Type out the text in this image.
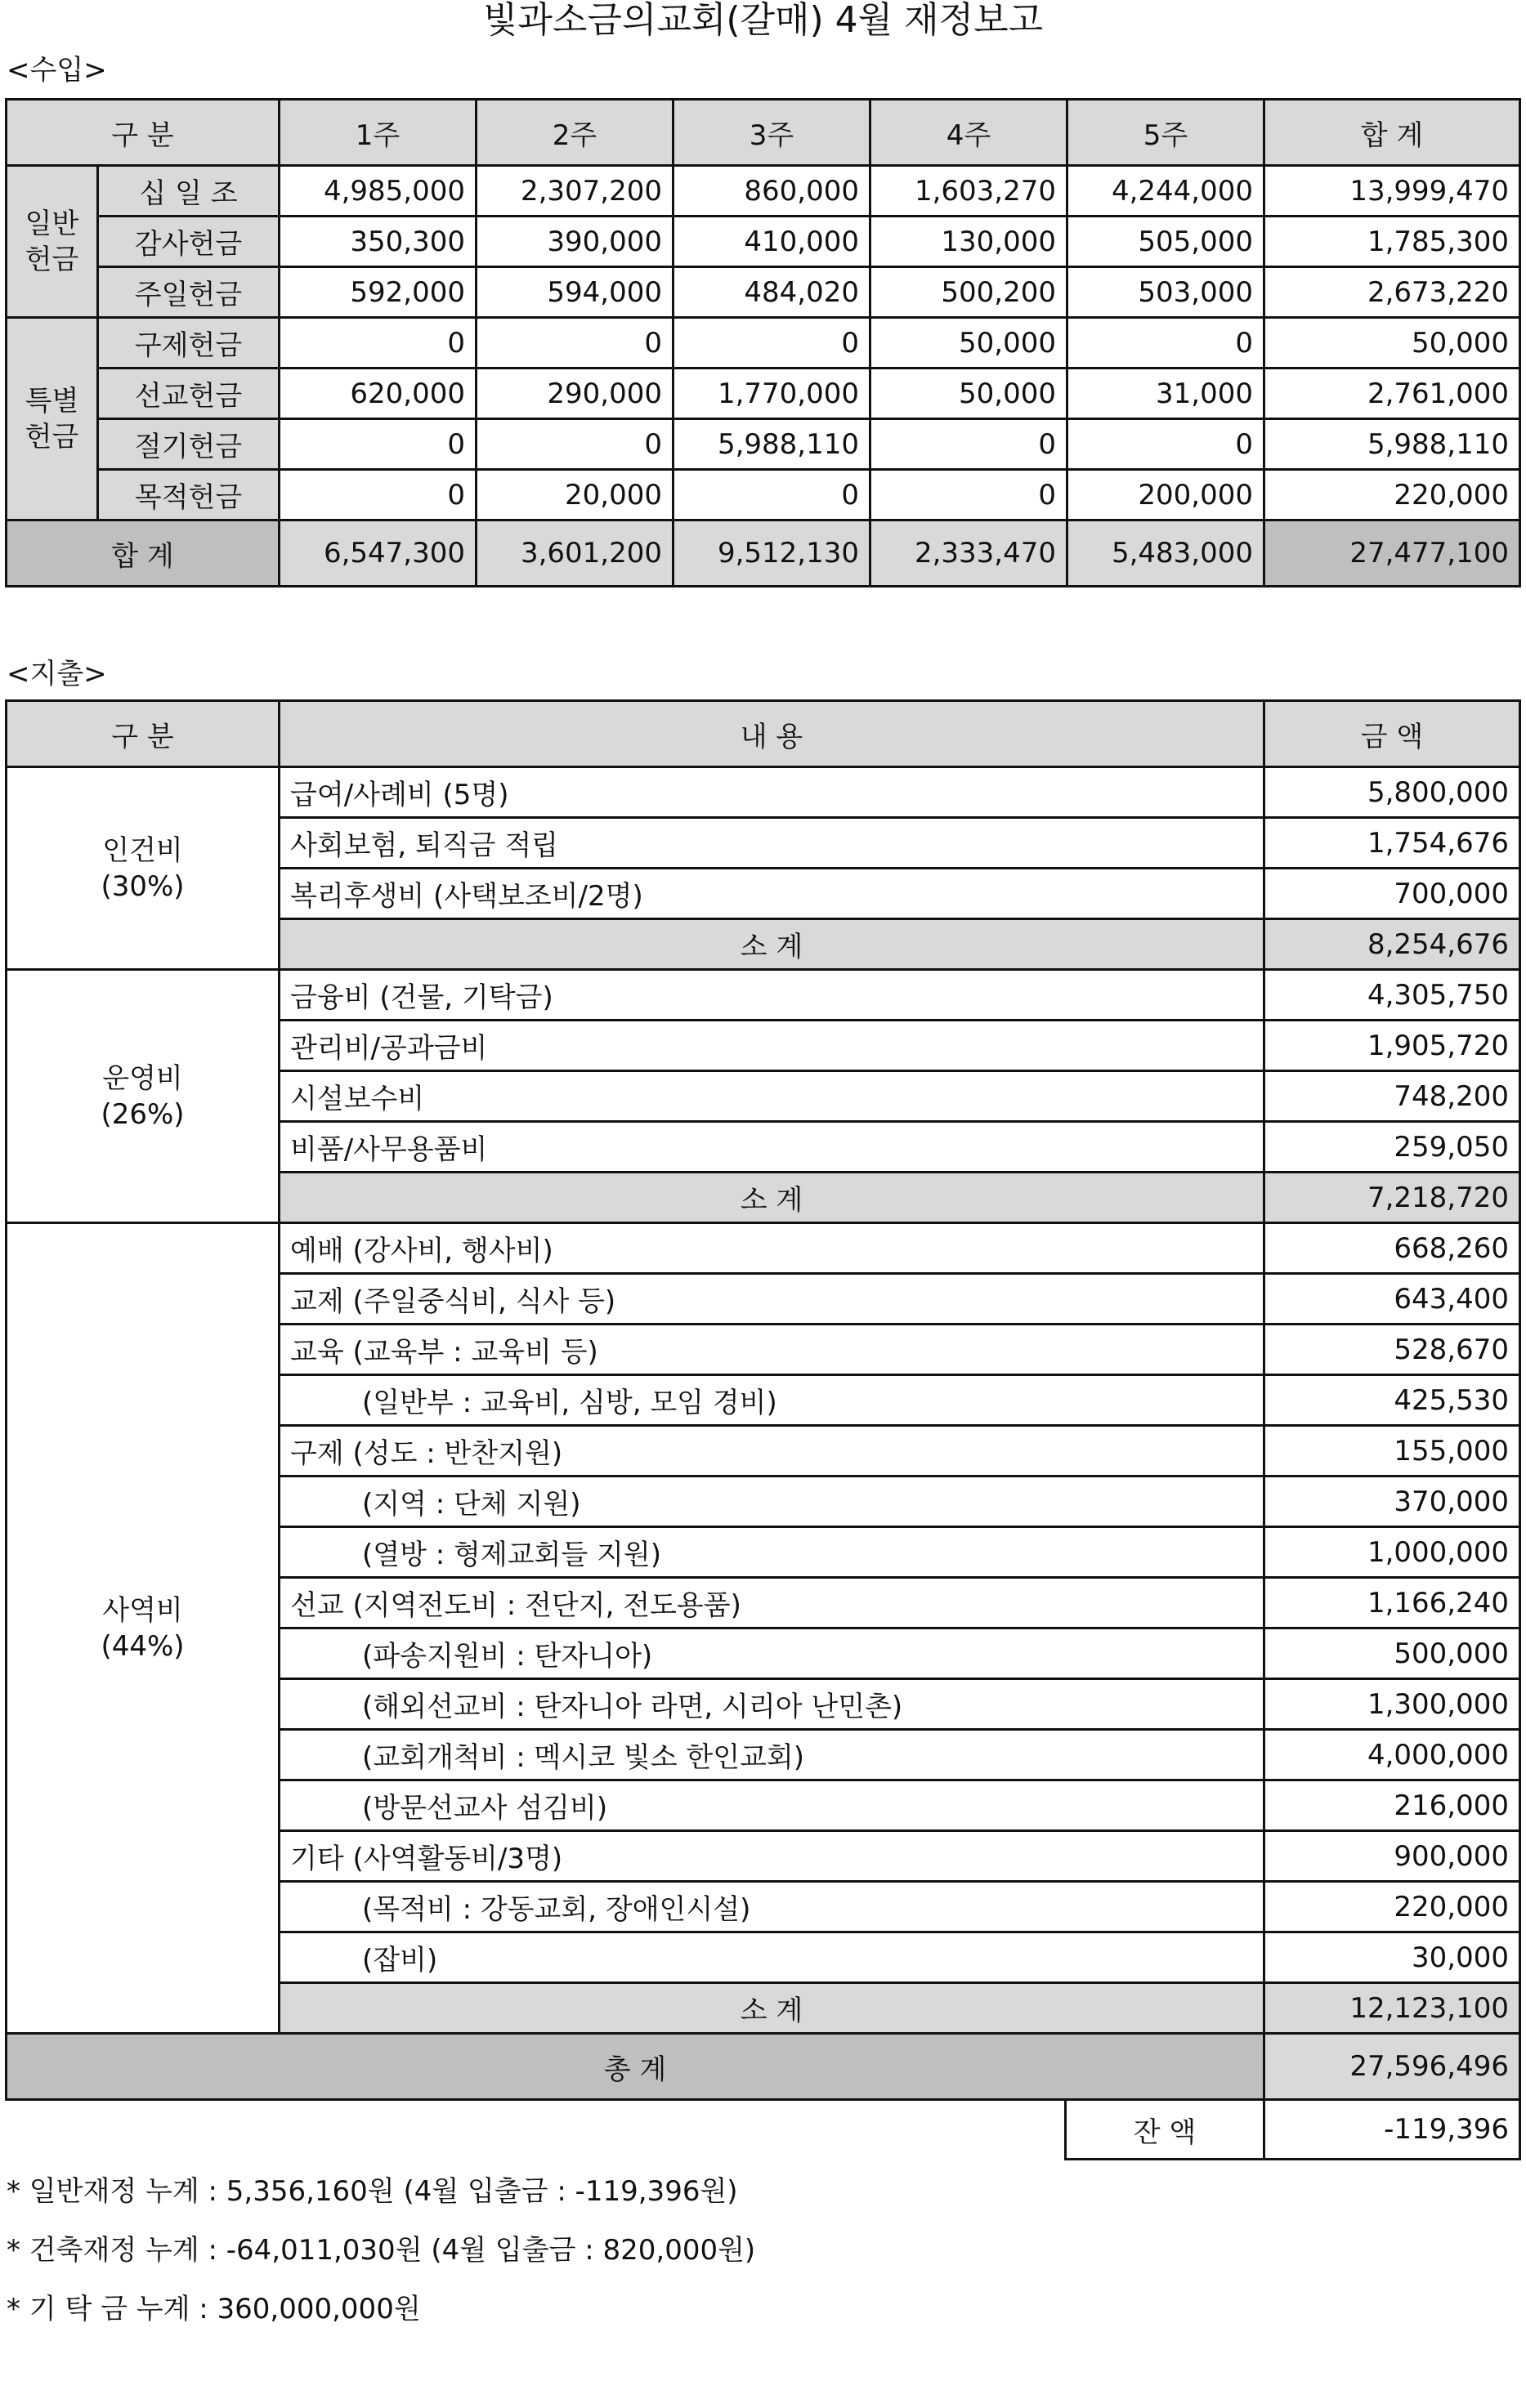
빛과소금의교회(갈매) 4월 재정보고
<수입>
구 분		1주	2주	3주	4주	5주	합 계

일반
헌금	십 일 조	4,985,000	2,307,200	860,000	1,603,270	4,244,000	13,999,470
	감사헌금	350,300	390,000	410,000	130,000	505,000	1,785,300
	주일헌금	592,000	594,000	484,020	500,200	503,000	2,673,220

특별
헌금	구제헌금	0	0	0	50,000	0	50,000
	선교헌금	620,000	290,000	1,770,000	50,000	31,000	2,761,000
	절기헌금	0	0	5,988,110	0	0	5,988,110
	목적헌금	0	20,000	0	0	200,000	220,000
합 계		6,547,300	3,601,200	9,512,130	2,333,470	5,483,000	27,477,100
<지출>
구 분	내 용	금 액

인건비
(30%)	급여/사례비 (5명)	5,800,000
	사회보험, 퇴직금 적립	1,754,676
	복리후생비 (사택보조비/2명)	700,000
	소 계	8,254,676

운영비
(26%)	금융비 (건물, 기탁금)	4,305,750
	관리비/공과금비	1,905,720
	시설보수비	748,200
	비품/사무용품비	259,050
	소 계	7,218,720

사역비
(44%)	예배 (강사비, 행사비)	668,260
	교제 (주일중식비, 식사 등)	643,400
	교육 (교육부 : 교육비 등)	528,670
	(일반부 : 교육비, 심방, 모임 경비)	425,530
	구제 (성도 : 반찬지원)	155,000
	(지역 : 단체 지원)	370,000
	(열방 : 형제교회들 지원)	1,000,000
	선교 (지역전도비 : 전단지, 전도용품)	1,166,240
	(파송지원비 : 탄자니아)	500,000
	(해외선교비 : 탄자니아 라면, 시리아 난민촌)	1,300,000
	(교회개척비 : 멕시코 빛소 한인교회)	4,000,000
	(방문선교사 섬김비)	216,000
	기타 (사역활동비/3명)	900,000
	(목적비 : 강동교회, 장애인시설)	220,000
	(잡비)	30,000
	소 계	12,123,100
총 계		27,596,496
잔 액	-119,396
* 일반재정 누계 : 5,356,160원 (4월 입출금 : -119,396원)
* 건축재정 누계 : -64,011,030원 (4월 입출금 : 820,000원)
* 기 탁 금 누계 : 360,000,000원
